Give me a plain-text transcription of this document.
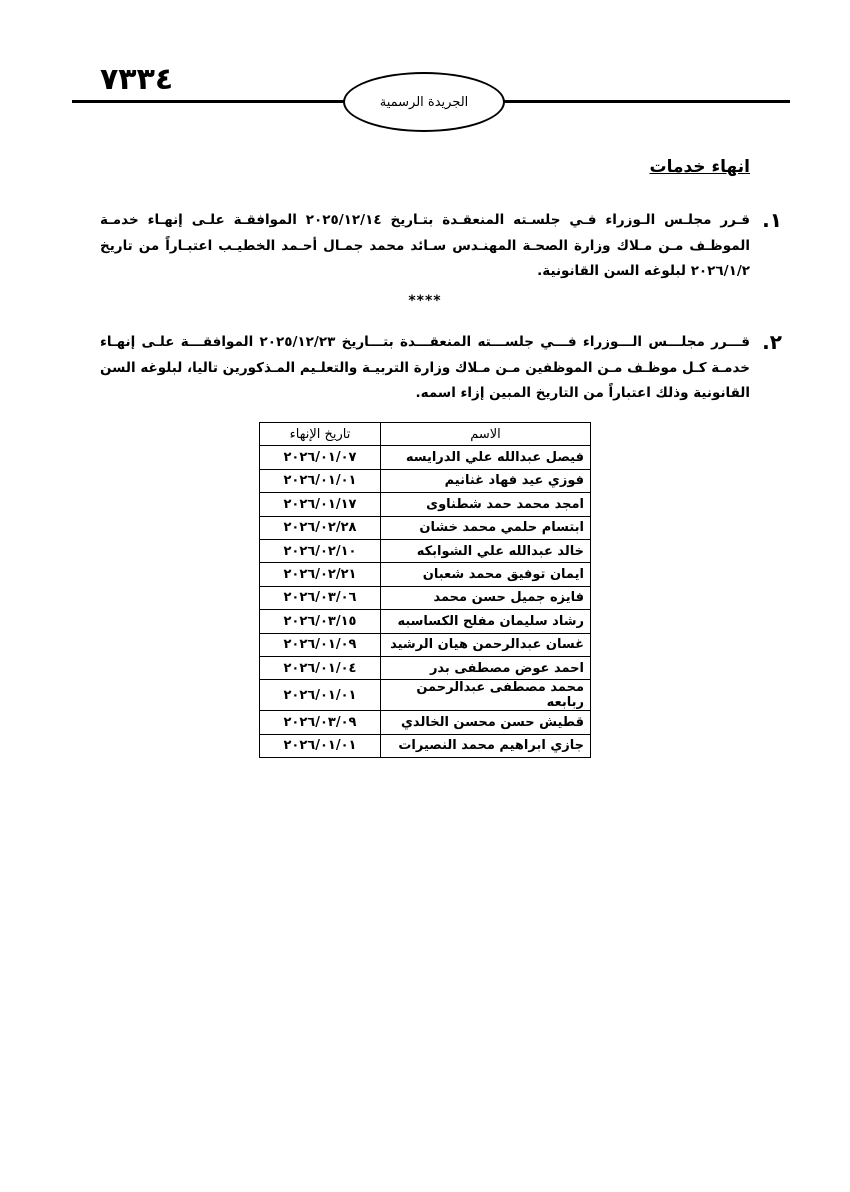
٧٣٣٤
الجريدة الرسمية
انهاء خدمات
١.

قـرر مجلـس الـوزراء فـي جلسـته المنعقـدة بتـاريخ ٢٠٢٥/١٢/١٤ الموافقـة علـى إنهـاء خدمـة الموظـف مـن مـلاك وزارة الصحـة المهنـدس سـائد محمد جمـال أحـمد الخطيـب اعتبـاراً من تاريخ ٢٠٢٦/١/٢ لبلوغه السن القانونية.

****
٢.

قـــرر مجلـــس الـــوزراء فـــي جلســـته المنعقـــدة بتـــاريخ ٢٠٢٥/١٢/٢٣ الموافقـــة علـى إنهـاء خدمـة كـل موظـف مـن الموظفين مـن مـلاك وزارة التربيـة والتعلـيم المـذكورين تاليا، لبلوغه السن القانونية وذلك اعتباراً من التاريخ المبين إزاء اسمه.

الاسم	تاريخ الإنهاء
فيصل عبدالله علي الدرايسه	٢٠٢٦/٠١/٠٧
فوزي عيد فهاد غنانيم	٢٠٢٦/٠١/٠١
امجد محمد حمد شطناوى	٢٠٢٦/٠١/١٧
ابتسام حلمي محمد خشان	٢٠٢٦/٠٢/٢٨
خالد عبدالله علي الشوابكه	٢٠٢٦/٠٢/١٠
ايمان توفيق محمد شعبان	٢٠٢٦/٠٢/٢١
فايزه جميل حسن محمد	٢٠٢٦/٠٣/٠٦
رشاد سليمان مفلح الكساسبه	٢٠٢٦/٠٣/١٥
غسان عبدالرحمن هيان الرشيد	٢٠٢٦/٠١/٠٩
احمد عوض مصطفى بدر	٢٠٢٦/٠١/٠٤
محمد مصطفى عبدالرحمن ربابعه	٢٠٢٦/٠١/٠١
قطيش حسن محسن الخالدي	٢٠٢٦/٠٣/٠٩
جازي ابراهيم محمد النصيرات	٢٠٢٦/٠١/٠١
